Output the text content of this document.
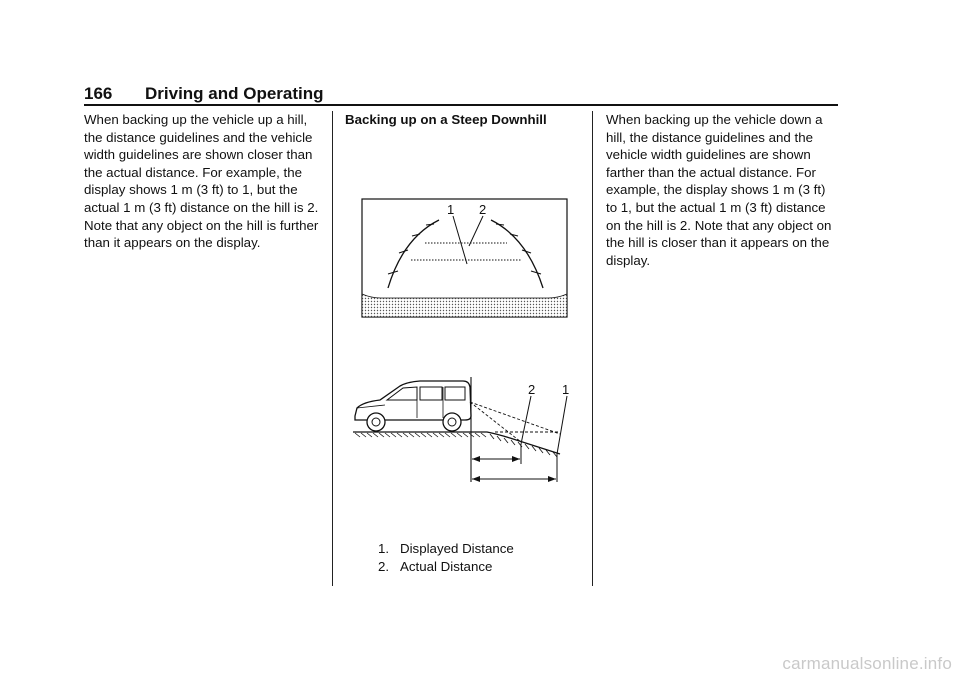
166 Driving and Operating

When backing up the vehicle up a hill, the distance guidelines and the vehicle width guidelines are shown closer than the actual distance. For example, the display shows 1 m (3 ft) to 1, but the actual 1 m (3 ft) distance on the hill is 2. Note that any object on the hill is further than it appears on the display.

Backing up on a Steep Downhill

1 2
2 1
1. Displayed Distance
2. Actual Distance

When backing up the vehicle down a hill, the distance guidelines and the vehicle width guidelines are shown farther than the actual distance. For example, the display shows 1 m (3 ft) to 1, but the actual 1 m (3 ft) distance on the hill is 2. Note that any object on the hill is closer than it appears on the display.

carmanualsonline.info
